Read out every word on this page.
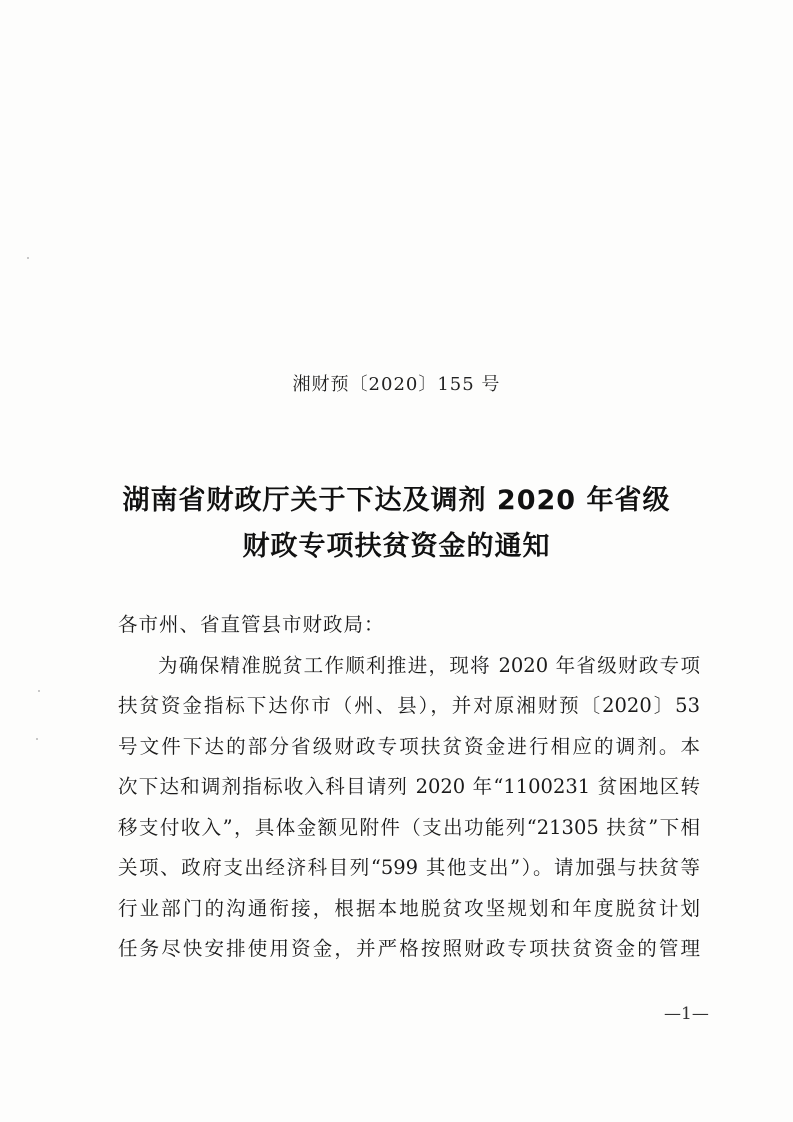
湘财预〔2020〕155 号
湖南省财政厅关于下达及调剂 2020 年省级
财政专项扶贫资金的通知
各市州、省直管县市财政局：
为确保精准脱贫工作顺利推进，现将 2020 年省级财政专项
扶贫资金指标下达你市（州、县），并对原湘财预〔2020〕53
号文件下达的部分省级财政专项扶贫资金进行相应的调剂。本
次下达和调剂指标收入科目请列 2020 年“1100231 贫困地区转
移支付收入”，具体金额见附件（支出功能列“21305 扶贫”下相
关项、政府支出经济科目列“599 其他支出”）。请加强与扶贫等
行业部门的沟通衔接，根据本地脱贫攻坚规划和年度脱贫计划
任务尽快安排使用资金，并严格按照财政专项扶贫资金的管理
—1—
